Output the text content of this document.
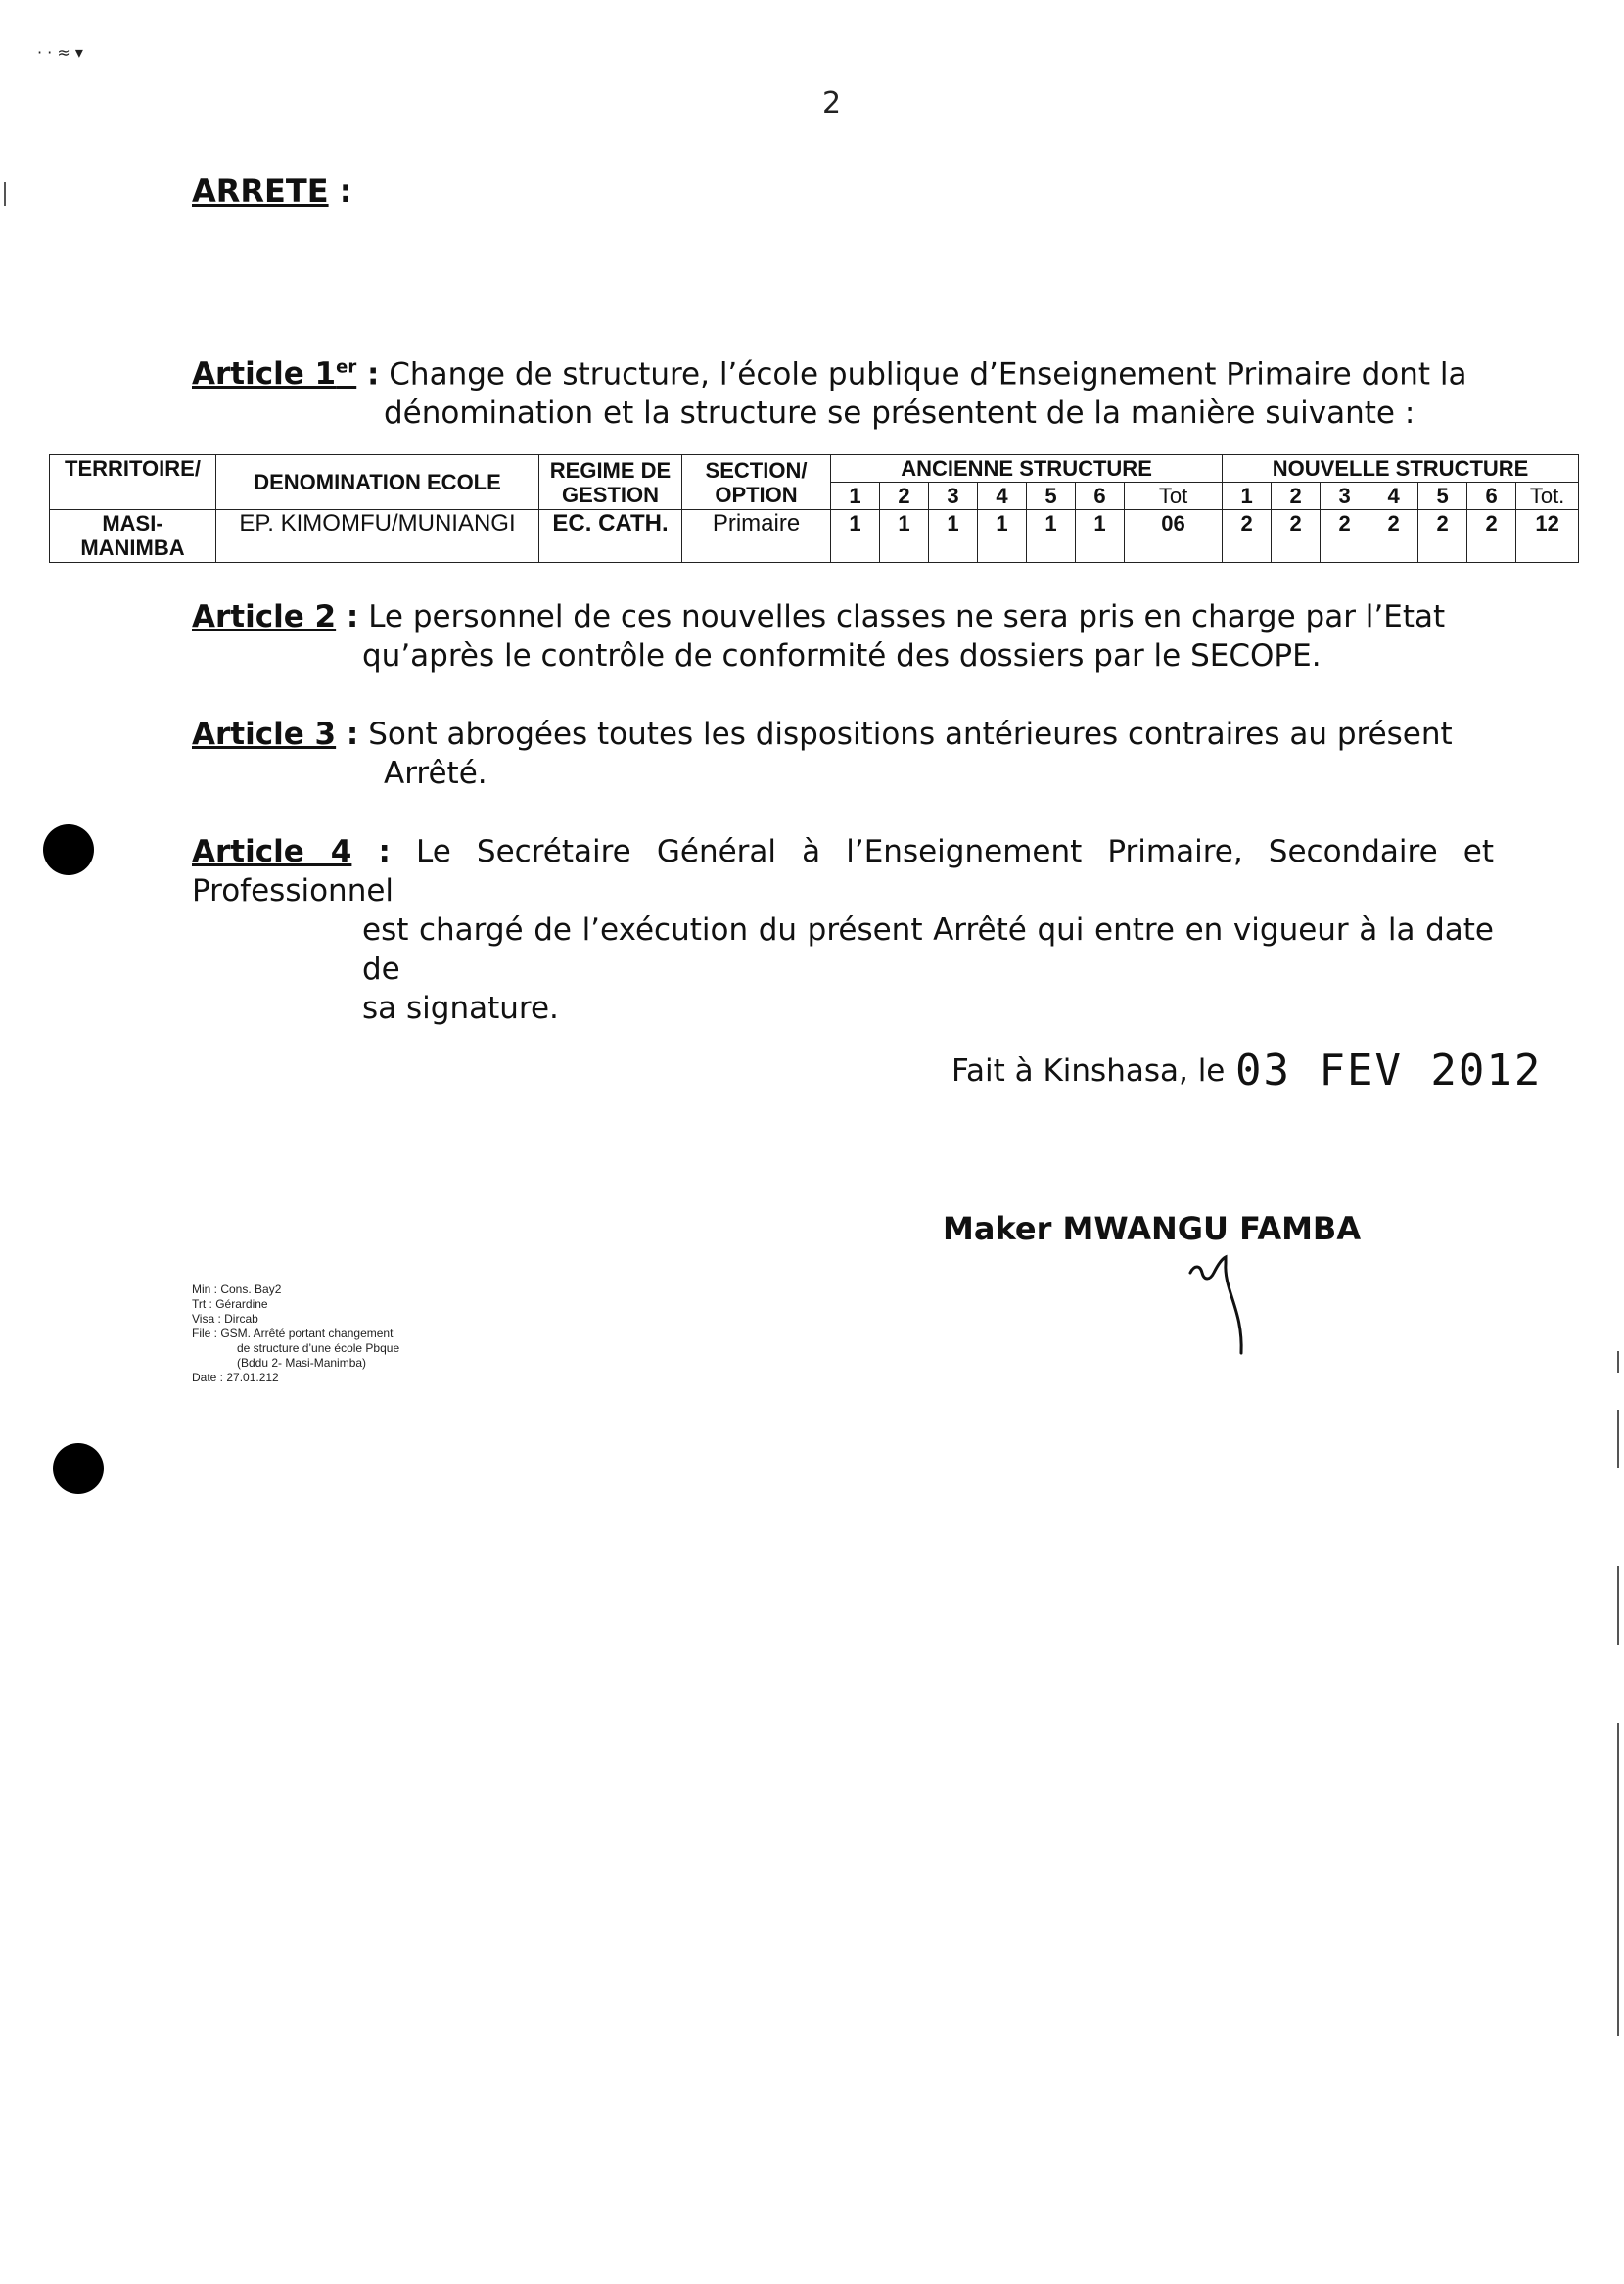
· · ≈ ▾
2
ARRETE :
Article 1er : Change de structure, l’école publique d’Enseignement Primaire dont la
dénomination et la structure se présentent de la manière suivante :
TERRITOIRE/	DENOMINATION ECOLE	REGIME DE GESTION	SECTION/ OPTION	ANCIENNE STRUCTURE							NOUVELLE STRUCTURE						
				1	2	3	4	5	6	Tot	1	2	3	4	5	6	Tot.
MASI-MANIMBA	EP. KIMOMFU/MUNIANGI	EC. CATH.	Primaire	1	1	1	1	1	1	06	2	2	2	2	2	2	12
Article 2 : Le personnel de ces nouvelles classes ne sera pris en charge par l’Etat
qu’après le contrôle de conformité des dossiers par le SECOPE.
Article 3 : Sont abrogées toutes les dispositions antérieures contraires au présent
Arrêté.
Article 4 : Le Secrétaire Général à l’Enseignement Primaire, Secondaire et Professionnel
est chargé de l’exécution du présent Arrêté qui entre en vigueur à la date de
sa signature.
Fait à Kinshasa, le 03 FEV 2012
Maker MWANGU FAMBA
Min : Cons. Bay2
Trt : Gérardine
Visa : Dircab
File : GSM. Arrêté portant changement
de structure d’une école Pbque
(Bddu 2- Masi-Manimba)
Date : 27.01.212
